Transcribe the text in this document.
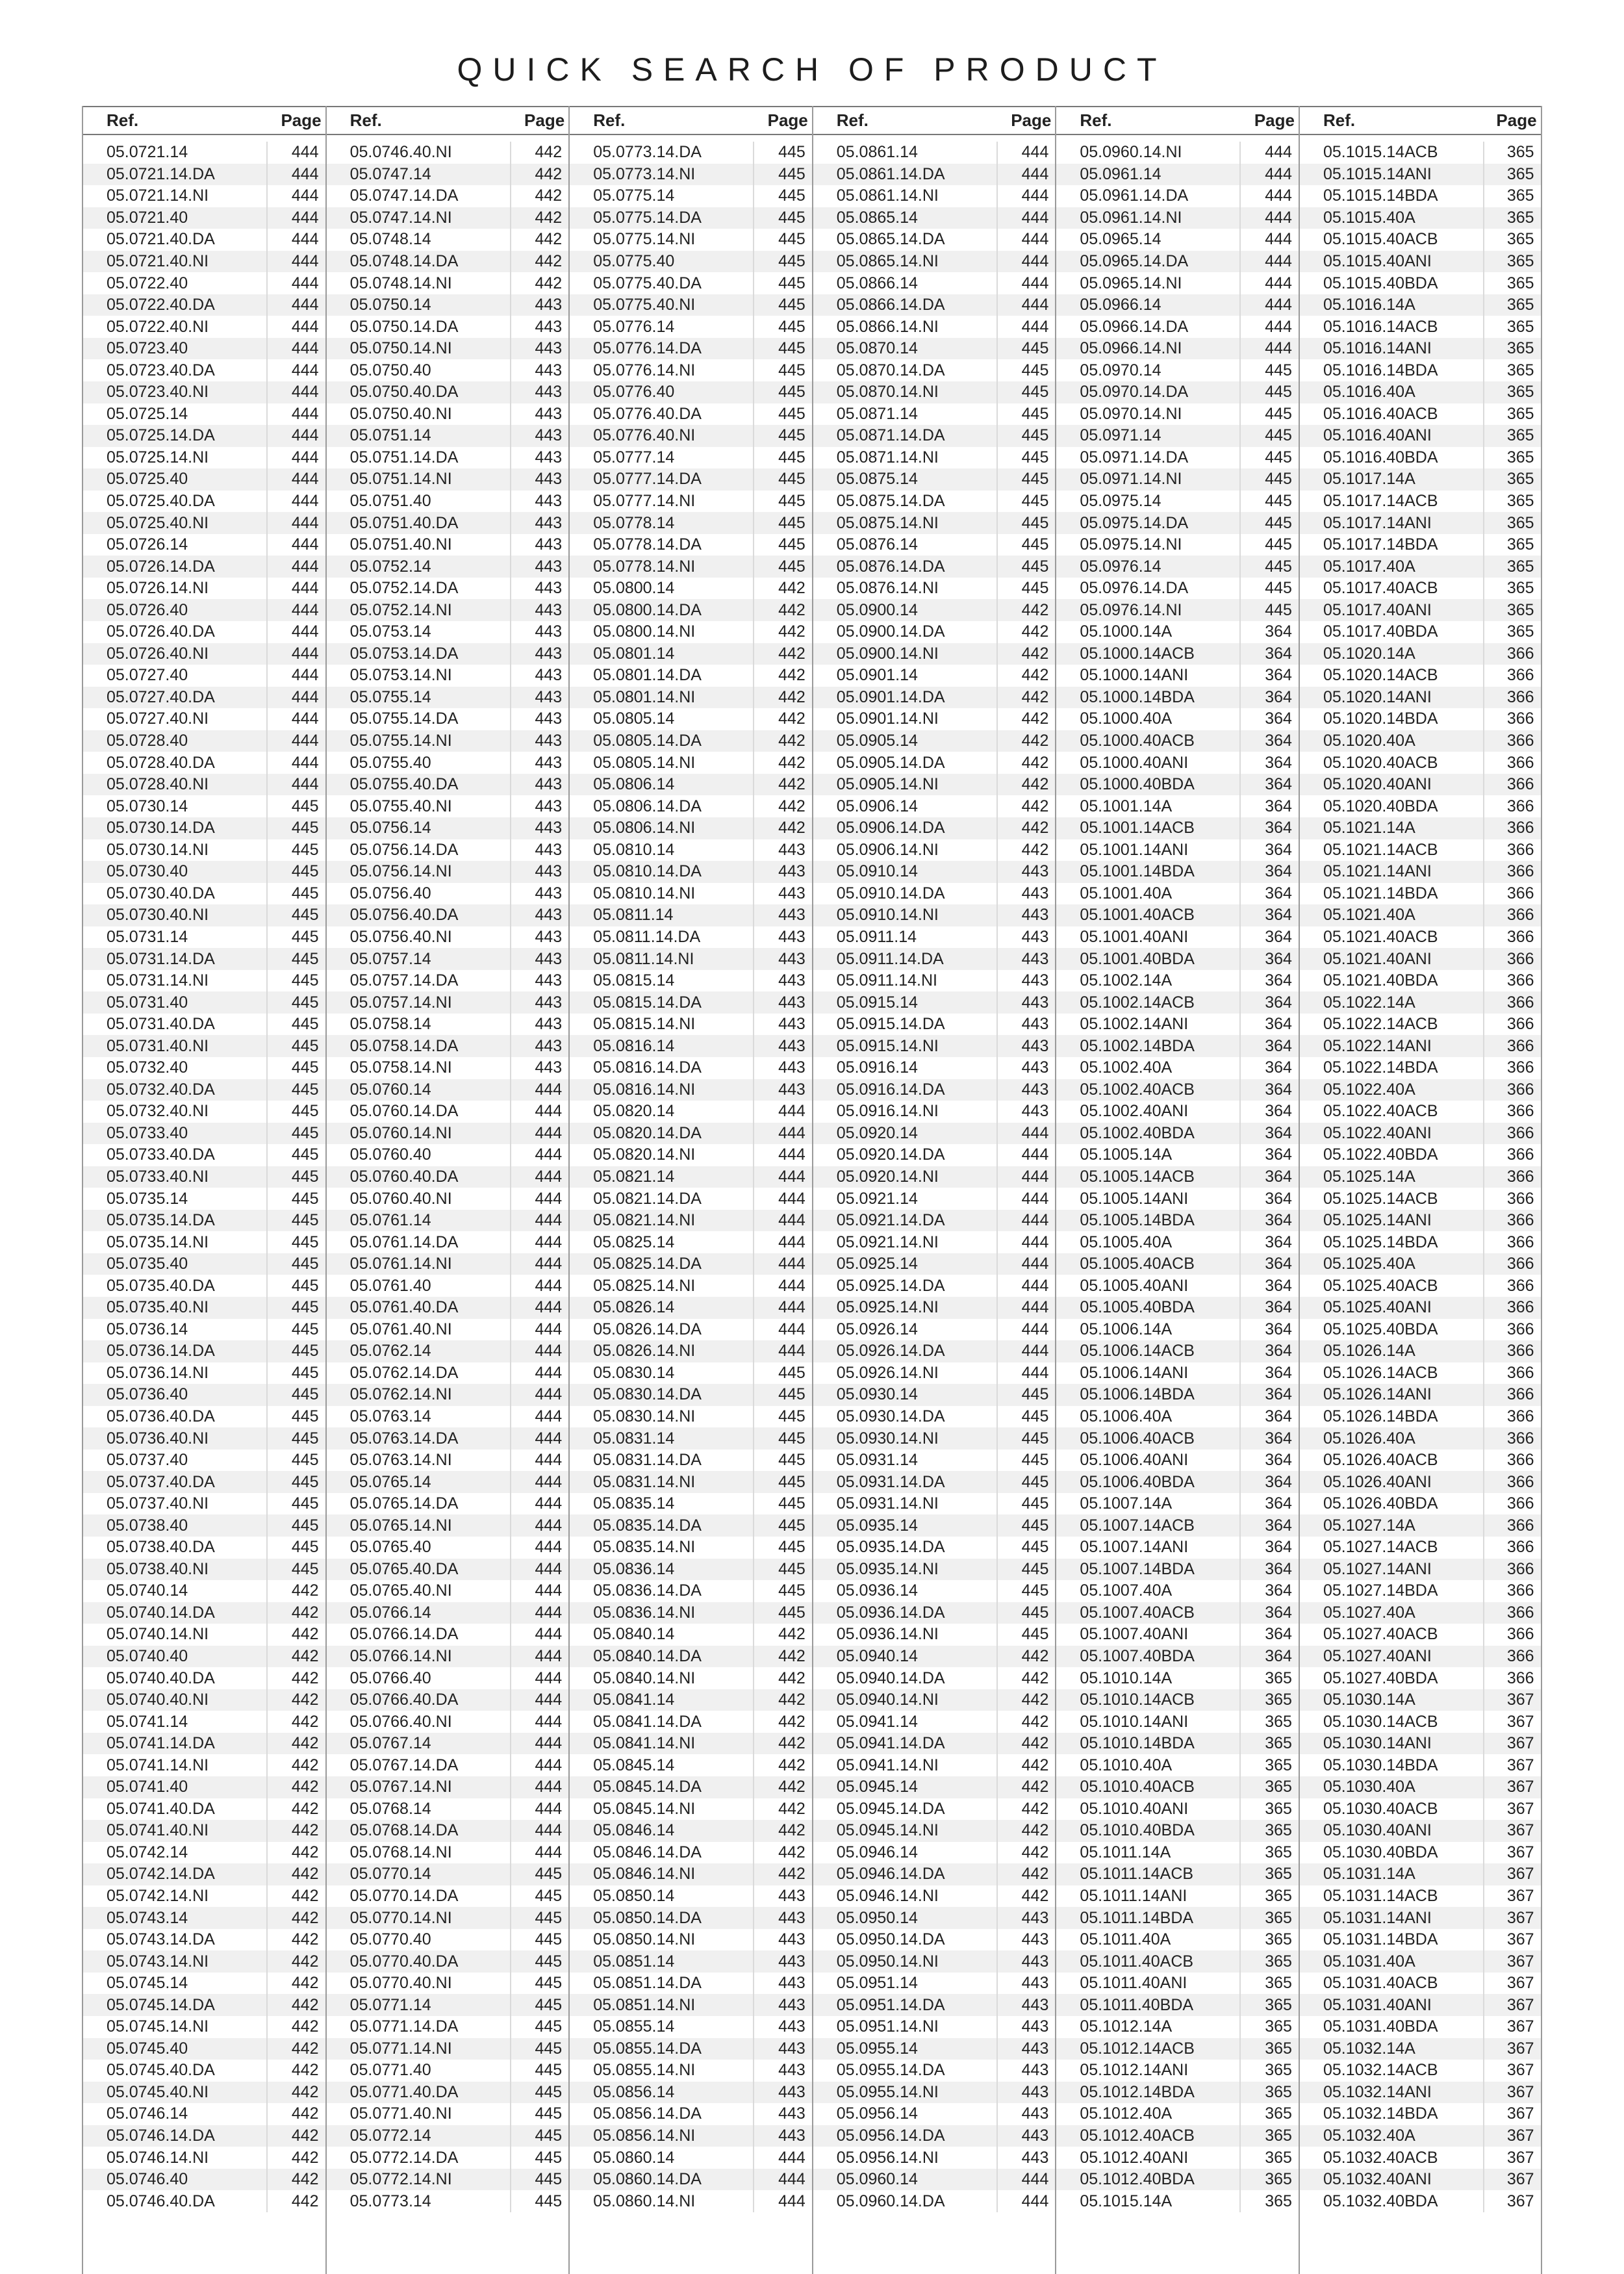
QUICK SEARCH OF PRODUCT
Ref.	Page
05.0721.14	444
05.0721.14.DA	444
05.0721.14.NI	444
05.0721.40	444
05.0721.40.DA	444
05.0721.40.NI	444
05.0722.40	444
05.0722.40.DA	444
05.0722.40.NI	444
05.0723.40	444
05.0723.40.DA	444
05.0723.40.NI	444
05.0725.14	444
05.0725.14.DA	444
05.0725.14.NI	444
05.0725.40	444
05.0725.40.DA	444
05.0725.40.NI	444
05.0726.14	444
05.0726.14.DA	444
05.0726.14.NI	444
05.0726.40	444
05.0726.40.DA	444
05.0726.40.NI	444
05.0727.40	444
05.0727.40.DA	444
05.0727.40.NI	444
05.0728.40	444
05.0728.40.DA	444
05.0728.40.NI	444
05.0730.14	445
05.0730.14.DA	445
05.0730.14.NI	445
05.0730.40	445
05.0730.40.DA	445
05.0730.40.NI	445
05.0731.14	445
05.0731.14.DA	445
05.0731.14.NI	445
05.0731.40	445
05.0731.40.DA	445
05.0731.40.NI	445
05.0732.40	445
05.0732.40.DA	445
05.0732.40.NI	445
05.0733.40	445
05.0733.40.DA	445
05.0733.40.NI	445
05.0735.14	445
05.0735.14.DA	445
05.0735.14.NI	445
05.0735.40	445
05.0735.40.DA	445
05.0735.40.NI	445
05.0736.14	445
05.0736.14.DA	445
05.0736.14.NI	445
05.0736.40	445
05.0736.40.DA	445
05.0736.40.NI	445
05.0737.40	445
05.0737.40.DA	445
05.0737.40.NI	445
05.0738.40	445
05.0738.40.DA	445
05.0738.40.NI	445
05.0740.14	442
05.0740.14.DA	442
05.0740.14.NI	442
05.0740.40	442
05.0740.40.DA	442
05.0740.40.NI	442
05.0741.14	442
05.0741.14.DA	442
05.0741.14.NI	442
05.0741.40	442
05.0741.40.DA	442
05.0741.40.NI	442
05.0742.14	442
05.0742.14.DA	442
05.0742.14.NI	442
05.0743.14	442
05.0743.14.DA	442
05.0743.14.NI	442
05.0745.14	442
05.0745.14.DA	442
05.0745.14.NI	442
05.0745.40	442
05.0745.40.DA	442
05.0745.40.NI	442
05.0746.14	442
05.0746.14.DA	442
05.0746.14.NI	442
05.0746.40	442
05.0746.40.DA	442
Ref.	Page
05.0746.40.NI	442
05.0747.14	442
05.0747.14.DA	442
05.0747.14.NI	442
05.0748.14	442
05.0748.14.DA	442
05.0748.14.NI	442
05.0750.14	443
05.0750.14.DA	443
05.0750.14.NI	443
05.0750.40	443
05.0750.40.DA	443
05.0750.40.NI	443
05.0751.14	443
05.0751.14.DA	443
05.0751.14.NI	443
05.0751.40	443
05.0751.40.DA	443
05.0751.40.NI	443
05.0752.14	443
05.0752.14.DA	443
05.0752.14.NI	443
05.0753.14	443
05.0753.14.DA	443
05.0753.14.NI	443
05.0755.14	443
05.0755.14.DA	443
05.0755.14.NI	443
05.0755.40	443
05.0755.40.DA	443
05.0755.40.NI	443
05.0756.14	443
05.0756.14.DA	443
05.0756.14.NI	443
05.0756.40	443
05.0756.40.DA	443
05.0756.40.NI	443
05.0757.14	443
05.0757.14.DA	443
05.0757.14.NI	443
05.0758.14	443
05.0758.14.DA	443
05.0758.14.NI	443
05.0760.14	444
05.0760.14.DA	444
05.0760.14.NI	444
05.0760.40	444
05.0760.40.DA	444
05.0760.40.NI	444
05.0761.14	444
05.0761.14.DA	444
05.0761.14.NI	444
05.0761.40	444
05.0761.40.DA	444
05.0761.40.NI	444
05.0762.14	444
05.0762.14.DA	444
05.0762.14.NI	444
05.0763.14	444
05.0763.14.DA	444
05.0763.14.NI	444
05.0765.14	444
05.0765.14.DA	444
05.0765.14.NI	444
05.0765.40	444
05.0765.40.DA	444
05.0765.40.NI	444
05.0766.14	444
05.0766.14.DA	444
05.0766.14.NI	444
05.0766.40	444
05.0766.40.DA	444
05.0766.40.NI	444
05.0767.14	444
05.0767.14.DA	444
05.0767.14.NI	444
05.0768.14	444
05.0768.14.DA	444
05.0768.14.NI	444
05.0770.14	445
05.0770.14.DA	445
05.0770.14.NI	445
05.0770.40	445
05.0770.40.DA	445
05.0770.40.NI	445
05.0771.14	445
05.0771.14.DA	445
05.0771.14.NI	445
05.0771.40	445
05.0771.40.DA	445
05.0771.40.NI	445
05.0772.14	445
05.0772.14.DA	445
05.0772.14.NI	445
05.0773.14	445
Ref.	Page
05.0773.14.DA	445
05.0773.14.NI	445
05.0775.14	445
05.0775.14.DA	445
05.0775.14.NI	445
05.0775.40	445
05.0775.40.DA	445
05.0775.40.NI	445
05.0776.14	445
05.0776.14.DA	445
05.0776.14.NI	445
05.0776.40	445
05.0776.40.DA	445
05.0776.40.NI	445
05.0777.14	445
05.0777.14.DA	445
05.0777.14.NI	445
05.0778.14	445
05.0778.14.DA	445
05.0778.14.NI	445
05.0800.14	442
05.0800.14.DA	442
05.0800.14.NI	442
05.0801.14	442
05.0801.14.DA	442
05.0801.14.NI	442
05.0805.14	442
05.0805.14.DA	442
05.0805.14.NI	442
05.0806.14	442
05.0806.14.DA	442
05.0806.14.NI	442
05.0810.14	443
05.0810.14.DA	443
05.0810.14.NI	443
05.0811.14	443
05.0811.14.DA	443
05.0811.14.NI	443
05.0815.14	443
05.0815.14.DA	443
05.0815.14.NI	443
05.0816.14	443
05.0816.14.DA	443
05.0816.14.NI	443
05.0820.14	444
05.0820.14.DA	444
05.0820.14.NI	444
05.0821.14	444
05.0821.14.DA	444
05.0821.14.NI	444
05.0825.14	444
05.0825.14.DA	444
05.0825.14.NI	444
05.0826.14	444
05.0826.14.DA	444
05.0826.14.NI	444
05.0830.14	445
05.0830.14.DA	445
05.0830.14.NI	445
05.0831.14	445
05.0831.14.DA	445
05.0831.14.NI	445
05.0835.14	445
05.0835.14.DA	445
05.0835.14.NI	445
05.0836.14	445
05.0836.14.DA	445
05.0836.14.NI	445
05.0840.14	442
05.0840.14.DA	442
05.0840.14.NI	442
05.0841.14	442
05.0841.14.DA	442
05.0841.14.NI	442
05.0845.14	442
05.0845.14.DA	442
05.0845.14.NI	442
05.0846.14	442
05.0846.14.DA	442
05.0846.14.NI	442
05.0850.14	443
05.0850.14.DA	443
05.0850.14.NI	443
05.0851.14	443
05.0851.14.DA	443
05.0851.14.NI	443
05.0855.14	443
05.0855.14.DA	443
05.0855.14.NI	443
05.0856.14	443
05.0856.14.DA	443
05.0856.14.NI	443
05.0860.14	444
05.0860.14.DA	444
05.0860.14.NI	444
Ref.	Page
05.0861.14	444
05.0861.14.DA	444
05.0861.14.NI	444
05.0865.14	444
05.0865.14.DA	444
05.0865.14.NI	444
05.0866.14	444
05.0866.14.DA	444
05.0866.14.NI	444
05.0870.14	445
05.0870.14.DA	445
05.0870.14.NI	445
05.0871.14	445
05.0871.14.DA	445
05.0871.14.NI	445
05.0875.14	445
05.0875.14.DA	445
05.0875.14.NI	445
05.0876.14	445
05.0876.14.DA	445
05.0876.14.NI	445
05.0900.14	442
05.0900.14.DA	442
05.0900.14.NI	442
05.0901.14	442
05.0901.14.DA	442
05.0901.14.NI	442
05.0905.14	442
05.0905.14.DA	442
05.0905.14.NI	442
05.0906.14	442
05.0906.14.DA	442
05.0906.14.NI	442
05.0910.14	443
05.0910.14.DA	443
05.0910.14.NI	443
05.0911.14	443
05.0911.14.DA	443
05.0911.14.NI	443
05.0915.14	443
05.0915.14.DA	443
05.0915.14.NI	443
05.0916.14	443
05.0916.14.DA	443
05.0916.14.NI	443
05.0920.14	444
05.0920.14.DA	444
05.0920.14.NI	444
05.0921.14	444
05.0921.14.DA	444
05.0921.14.NI	444
05.0925.14	444
05.0925.14.DA	444
05.0925.14.NI	444
05.0926.14	444
05.0926.14.DA	444
05.0926.14.NI	444
05.0930.14	445
05.0930.14.DA	445
05.0930.14.NI	445
05.0931.14	445
05.0931.14.DA	445
05.0931.14.NI	445
05.0935.14	445
05.0935.14.DA	445
05.0935.14.NI	445
05.0936.14	445
05.0936.14.DA	445
05.0936.14.NI	445
05.0940.14	442
05.0940.14.DA	442
05.0940.14.NI	442
05.0941.14	442
05.0941.14.DA	442
05.0941.14.NI	442
05.0945.14	442
05.0945.14.DA	442
05.0945.14.NI	442
05.0946.14	442
05.0946.14.DA	442
05.0946.14.NI	442
05.0950.14	443
05.0950.14.DA	443
05.0950.14.NI	443
05.0951.14	443
05.0951.14.DA	443
05.0951.14.NI	443
05.0955.14	443
05.0955.14.DA	443
05.0955.14.NI	443
05.0956.14	443
05.0956.14.DA	443
05.0956.14.NI	443
05.0960.14	444
05.0960.14.DA	444
Ref.	Page
05.0960.14.NI	444
05.0961.14	444
05.0961.14.DA	444
05.0961.14.NI	444
05.0965.14	444
05.0965.14.DA	444
05.0965.14.NI	444
05.0966.14	444
05.0966.14.DA	444
05.0966.14.NI	444
05.0970.14	445
05.0970.14.DA	445
05.0970.14.NI	445
05.0971.14	445
05.0971.14.DA	445
05.0971.14.NI	445
05.0975.14	445
05.0975.14.DA	445
05.0975.14.NI	445
05.0976.14	445
05.0976.14.DA	445
05.0976.14.NI	445
05.1000.14A	364
05.1000.14ACB	364
05.1000.14ANI	364
05.1000.14BDA	364
05.1000.40A	364
05.1000.40ACB	364
05.1000.40ANI	364
05.1000.40BDA	364
05.1001.14A	364
05.1001.14ACB	364
05.1001.14ANI	364
05.1001.14BDA	364
05.1001.40A	364
05.1001.40ACB	364
05.1001.40ANI	364
05.1001.40BDA	364
05.1002.14A	364
05.1002.14ACB	364
05.1002.14ANI	364
05.1002.14BDA	364
05.1002.40A	364
05.1002.40ACB	364
05.1002.40ANI	364
05.1002.40BDA	364
05.1005.14A	364
05.1005.14ACB	364
05.1005.14ANI	364
05.1005.14BDA	364
05.1005.40A	364
05.1005.40ACB	364
05.1005.40ANI	364
05.1005.40BDA	364
05.1006.14A	364
05.1006.14ACB	364
05.1006.14ANI	364
05.1006.14BDA	364
05.1006.40A	364
05.1006.40ACB	364
05.1006.40ANI	364
05.1006.40BDA	364
05.1007.14A	364
05.1007.14ACB	364
05.1007.14ANI	364
05.1007.14BDA	364
05.1007.40A	364
05.1007.40ACB	364
05.1007.40ANI	364
05.1007.40BDA	364
05.1010.14A	365
05.1010.14ACB	365
05.1010.14ANI	365
05.1010.14BDA	365
05.1010.40A	365
05.1010.40ACB	365
05.1010.40ANI	365
05.1010.40BDA	365
05.1011.14A	365
05.1011.14ACB	365
05.1011.14ANI	365
05.1011.14BDA	365
05.1011.40A	365
05.1011.40ACB	365
05.1011.40ANI	365
05.1011.40BDA	365
05.1012.14A	365
05.1012.14ACB	365
05.1012.14ANI	365
05.1012.14BDA	365
05.1012.40A	365
05.1012.40ACB	365
05.1012.40ANI	365
05.1012.40BDA	365
05.1015.14A	365
Ref.	Page
05.1015.14ACB	365
05.1015.14ANI	365
05.1015.14BDA	365
05.1015.40A	365
05.1015.40ACB	365
05.1015.40ANI	365
05.1015.40BDA	365
05.1016.14A	365
05.1016.14ACB	365
05.1016.14ANI	365
05.1016.14BDA	365
05.1016.40A	365
05.1016.40ACB	365
05.1016.40ANI	365
05.1016.40BDA	365
05.1017.14A	365
05.1017.14ACB	365
05.1017.14ANI	365
05.1017.14BDA	365
05.1017.40A	365
05.1017.40ACB	365
05.1017.40ANI	365
05.1017.40BDA	365
05.1020.14A	366
05.1020.14ACB	366
05.1020.14ANI	366
05.1020.14BDA	366
05.1020.40A	366
05.1020.40ACB	366
05.1020.40ANI	366
05.1020.40BDA	366
05.1021.14A	366
05.1021.14ACB	366
05.1021.14ANI	366
05.1021.14BDA	366
05.1021.40A	366
05.1021.40ACB	366
05.1021.40ANI	366
05.1021.40BDA	366
05.1022.14A	366
05.1022.14ACB	366
05.1022.14ANI	366
05.1022.14BDA	366
05.1022.40A	366
05.1022.40ACB	366
05.1022.40ANI	366
05.1022.40BDA	366
05.1025.14A	366
05.1025.14ACB	366
05.1025.14ANI	366
05.1025.14BDA	366
05.1025.40A	366
05.1025.40ACB	366
05.1025.40ANI	366
05.1025.40BDA	366
05.1026.14A	366
05.1026.14ACB	366
05.1026.14ANI	366
05.1026.14BDA	366
05.1026.40A	366
05.1026.40ACB	366
05.1026.40ANI	366
05.1026.40BDA	366
05.1027.14A	366
05.1027.14ACB	366
05.1027.14ANI	366
05.1027.14BDA	366
05.1027.40A	366
05.1027.40ACB	366
05.1027.40ANI	366
05.1027.40BDA	366
05.1030.14A	367
05.1030.14ACB	367
05.1030.14ANI	367
05.1030.14BDA	367
05.1030.40A	367
05.1030.40ACB	367
05.1030.40ANI	367
05.1030.40BDA	367
05.1031.14A	367
05.1031.14ACB	367
05.1031.14ANI	367
05.1031.14BDA	367
05.1031.40A	367
05.1031.40ACB	367
05.1031.40ANI	367
05.1031.40BDA	367
05.1032.14A	367
05.1032.14ACB	367
05.1032.14ANI	367
05.1032.14BDA	367
05.1032.40A	367
05.1032.40ACB	367
05.1032.40ANI	367
05.1032.40BDA	367
